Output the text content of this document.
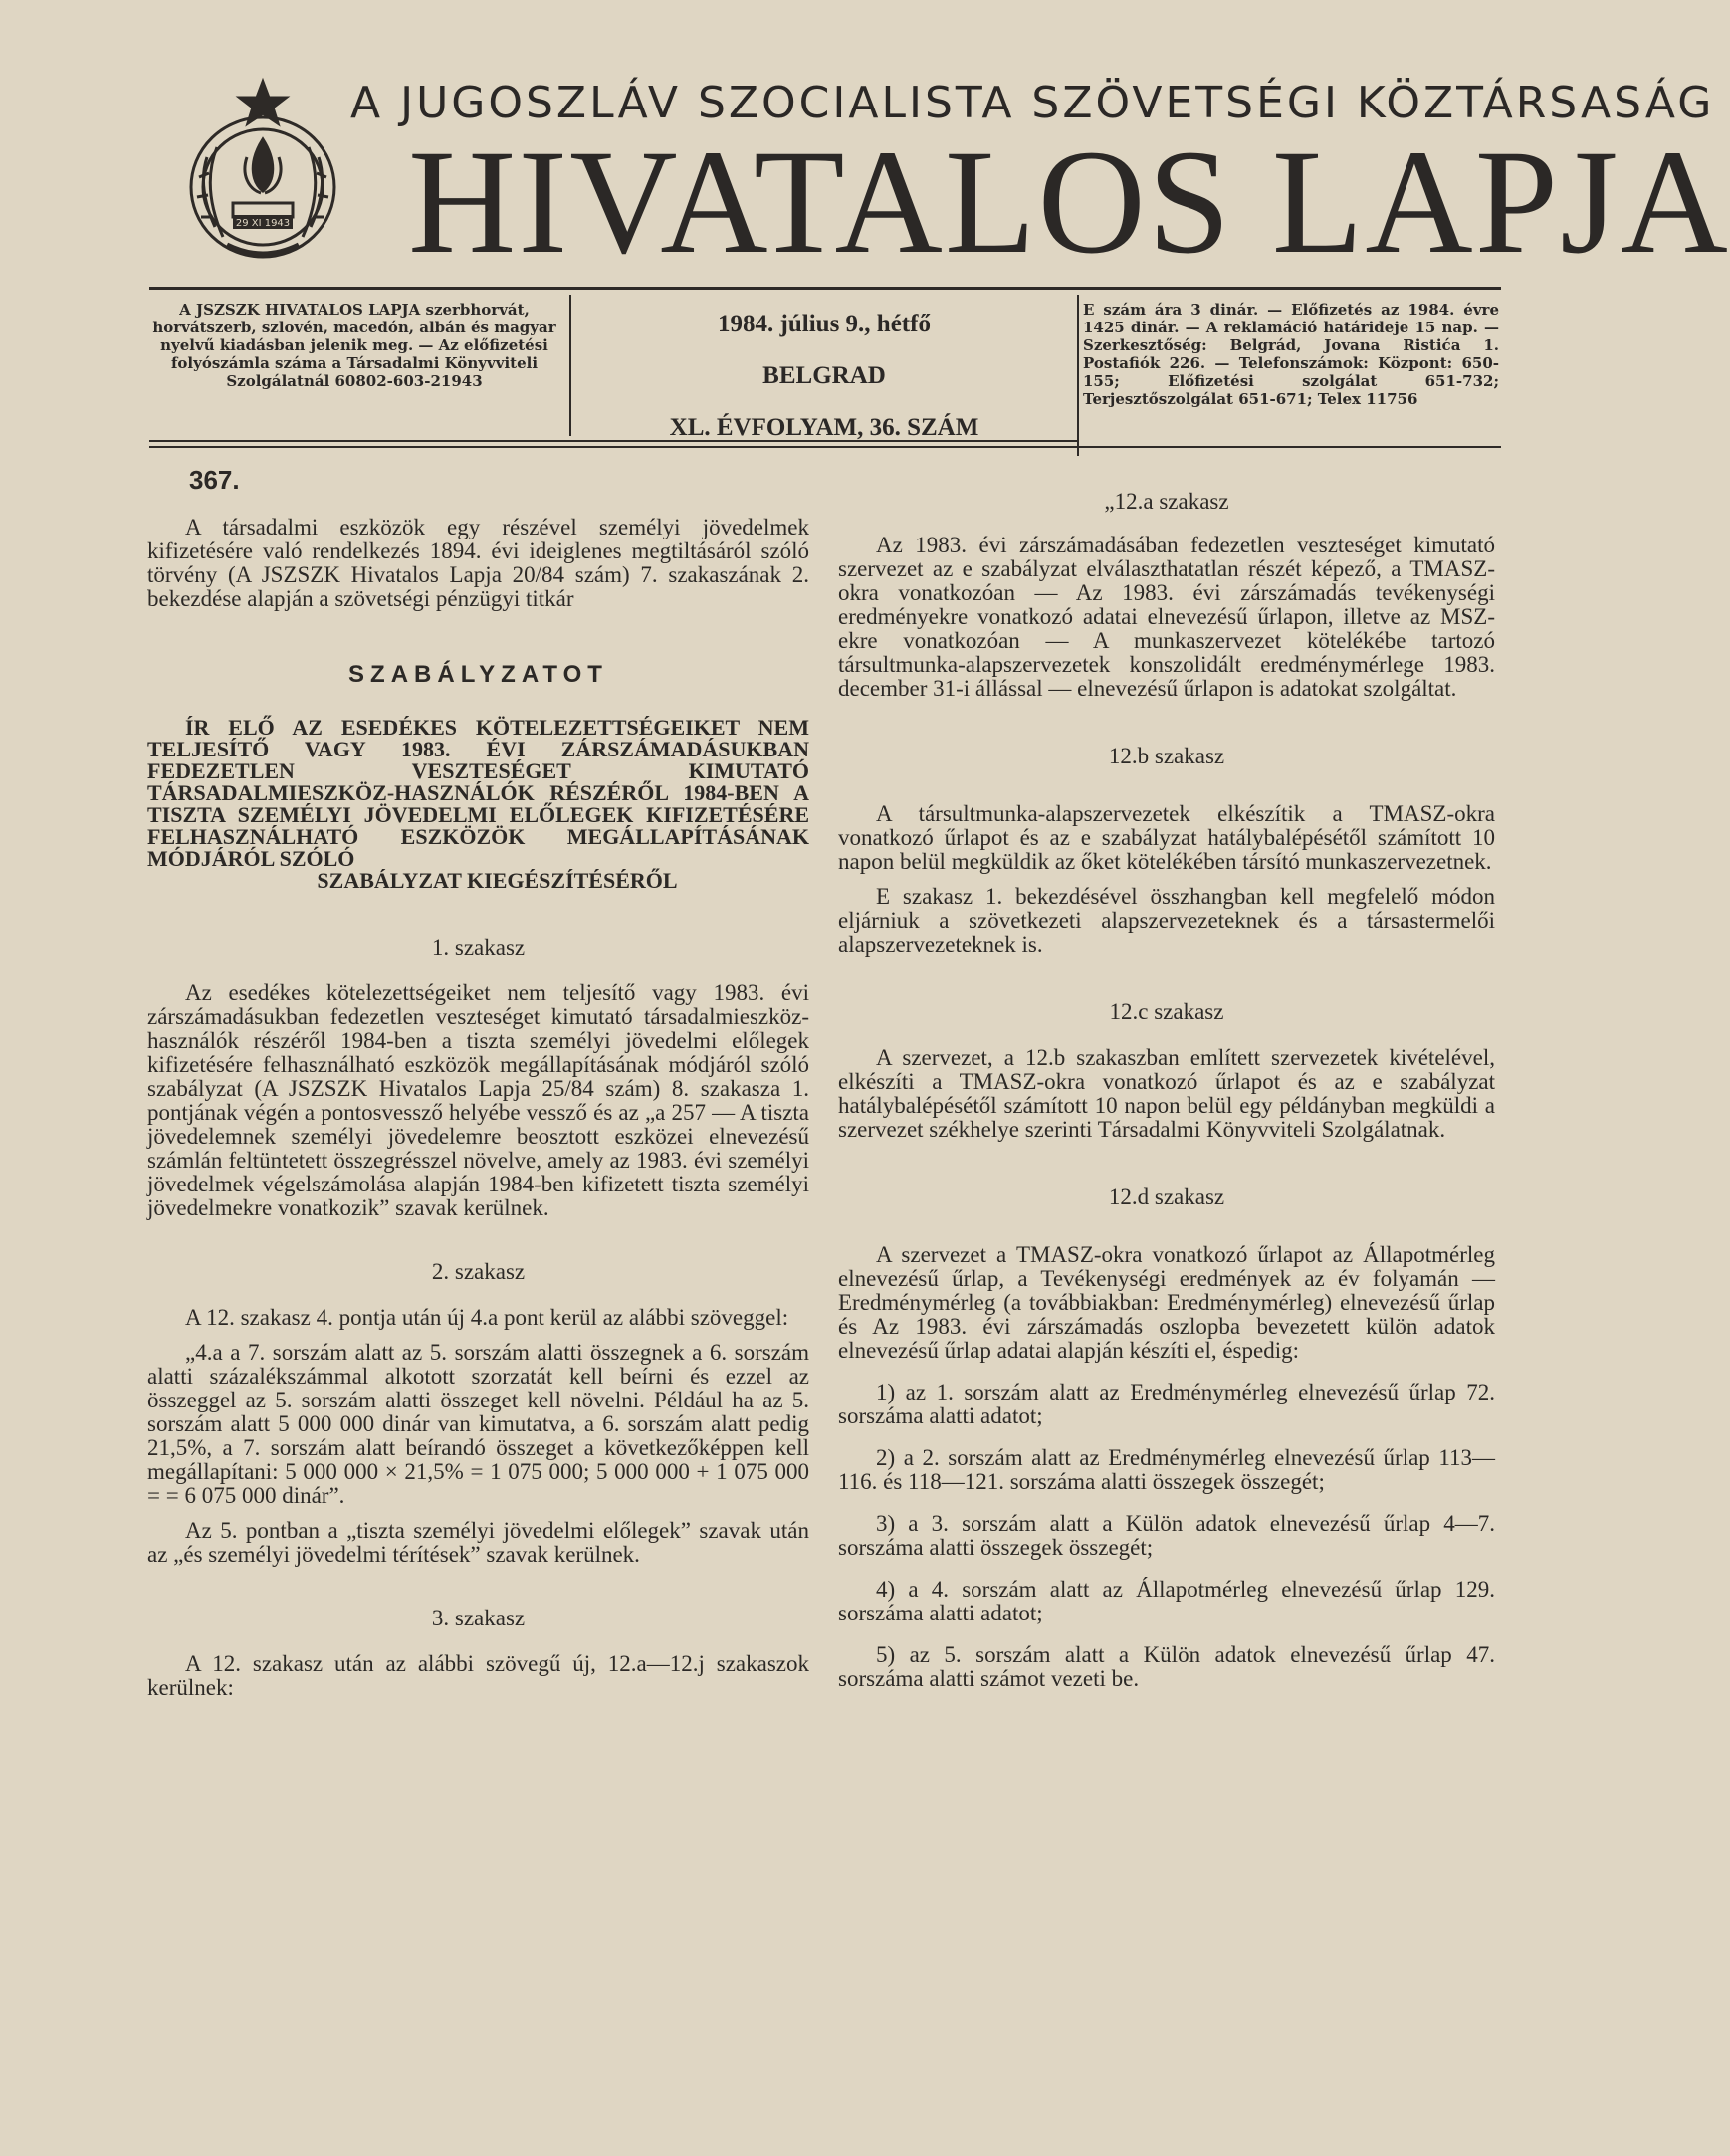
29 XI 1943
A JUGOSZLÁV SZOCIALISTA SZÖVETSÉGI KÖZTÁRSASÁG
HIVATALOS LAPJA
A JSZSZK HIVATALOS LAPJA szerbhorvát, horvátszerb, szlovén, macedón, albán és magyar nyelvű kiadásban jelenik meg. — Az előfizetési folyószámla száma a Társadalmi Könyvviteli Szolgálatnál 60802-603-21943
1984. július 9., hétfő
BELGRAD
XL. ÉVFOLYAM, 36. SZÁM
E szám ára 3 dinár. — Előfizetés az 1984. évre 1425 dinár. — A reklamáció határideje 15 nap. — Szerkesztőség: Belgrád, Jovana Ristića 1. Postafiók 226. — Telefonszámok: Központ: 650-155; Előfizetési szolgálat 651-732; Terjesztőszolgálat 651-671; Telex 11756
367.

A társadalmi eszközök egy részével személyi jövedelmek kifizetésére való rendelkezés 1894. évi ideiglenes megtiltásáról szóló törvény (A JSZSZK Hivatalos Lapja 20/84 szám) 7. szakaszának 2. bekezdése alapján a szövetségi pénzügyi titkár

SZABÁLYZATOT

ÍR ELŐ AZ ESEDÉKES KÖTELEZETTSÉGEIKET NEM TELJESÍTŐ VAGY 1983. ÉVI ZÁRSZÁMADÁSUKBAN FEDEZETLEN VESZTESÉGET KIMUTATÓ TÁRSADALMIESZKÖZ-HASZNÁLÓK RÉSZÉRŐL 1984-BEN A TISZTA SZEMÉLYI JÖVEDELMI ELŐLEGEK KIFIZETÉSÉRE FELHASZNÁLHATÓ ESZKÖZÖK MEGÁLLAPÍTÁSÁNAK MÓDJÁRÓL SZÓLÓ

SZABÁLYZAT KIEGÉSZÍTÉSÉRŐL

1. szakasz

Az esedékes kötelezettségeiket nem teljesítő vagy 1983. évi zárszámadásukban fedezetlen veszteséget kimutató társadalmieszköz-használók részéről 1984-ben a tiszta személyi jövedelmi előlegek kifizetésére felhasználható eszközök megállapításának módjáról szóló szabályzat (A JSZSZK Hivatalos Lapja 25/84 szám) 8. szakasza 1. pontjának végén a pontosvessző helyébe vessző és az „a 257 — A tiszta jövedelemnek személyi jövedelemre beosztott eszközei elnevezésű számlán feltüntetett összegrésszel növelve, amely az 1983. évi személyi jövedelmek végelszámolása alapján 1984-ben kifizetett tiszta személyi jövedelmekre vonatkozik” szavak kerülnek.

2. szakasz

A 12. szakasz 4. pontja után új 4.a pont kerül az alábbi szöveggel:

„4.a a 7. sorszám alatt az 5. sorszám alatti összegnek a 6. sorszám alatti százalékszámmal alkotott szorzatát kell beírni és ezzel az összeggel az 5. sorszám alatti összeget kell növelni. Például ha az 5. sorszám alatt 5 000 000 dinár van kimutatva, a 6. sorszám alatt pedig 21,5%, a 7. sorszám alatt beírandó összeget a következőképpen kell megállapítani: 5 000 000 × 21,5% = 1 075 000; 5 000 000 + 1 075 000 = = 6 075 000 dinár”.

Az 5. pontban a „tiszta személyi jövedelmi előlegek” szavak után az „és személyi jövedelmi térítések” szavak kerülnek.

3. szakasz

A 12. szakasz után az alábbi szövegű új, 12.a—12.j szakaszok kerülnek:

„12.a szakasz

Az 1983. évi zárszámadásában fedezetlen veszteséget kimutató szervezet az e szabályzat elválaszthatatlan részét képező, a TMASZ-okra vonatkozóan — Az 1983. évi zárszámadás tevékenységi eredményekre vonatkozó adatai elnevezésű űrlapon, illetve az MSZ-ekre vonatkozóan — A munkaszervezet kötelékébe tartozó társultmunka-alapszervezetek konszolidált eredménymérlege 1983. december 31-i állással — elnevezésű űrlapon is adatokat szolgáltat.

12.b szakasz

A társultmunka-alapszervezetek elkészítik a TMASZ-okra vonatkozó űrlapot és az e szabályzat hatálybalépésétől számított 10 napon belül megküldik az őket kötelékében társító munkaszervezetnek.

E szakasz 1. bekezdésével összhangban kell megfelelő módon eljárniuk a szövetkezeti alapszervezeteknek és a társastermelői alapszervezeteknek is.

12.c szakasz

A szervezet, a 12.b szakaszban említett szervezetek kivételével, elkészíti a TMASZ-okra vonatkozó űrlapot és az e szabályzat hatálybalépésétől számított 10 napon belül egy példányban megküldi a szervezet székhelye szerinti Társadalmi Könyvviteli Szolgálatnak.

12.d szakasz

A szervezet a TMASZ-okra vonatkozó űrlapot az Állapotmérleg elnevezésű űrlap, a Tevékenységi eredmények az év folyamán — Eredménymérleg (a továbbiakban: Eredménymérleg) elnevezésű űrlap és Az 1983. évi zárszámadás oszlopba bevezetett külön adatok elnevezésű űrlap adatai alapján készíti el, éspedig:

1) az 1. sorszám alatt az Eredménymérleg elnevezésű űrlap 72. sorszáma alatti adatot;

2) a 2. sorszám alatt az Eredménymérleg elnevezésű űrlap 113—116. és 118—121. sorszáma alatti összegek összegét;

3) a 3. sorszám alatt a Külön adatok elnevezésű űrlap 4—7. sorszáma alatti összegek összegét;

4) a 4. sorszám alatt az Állapotmérleg elnevezésű űrlap 129. sorszáma alatti adatot;

5) az 5. sorszám alatt a Külön adatok elnevezésű űrlap 47. sorszáma alatti számot vezeti be.
